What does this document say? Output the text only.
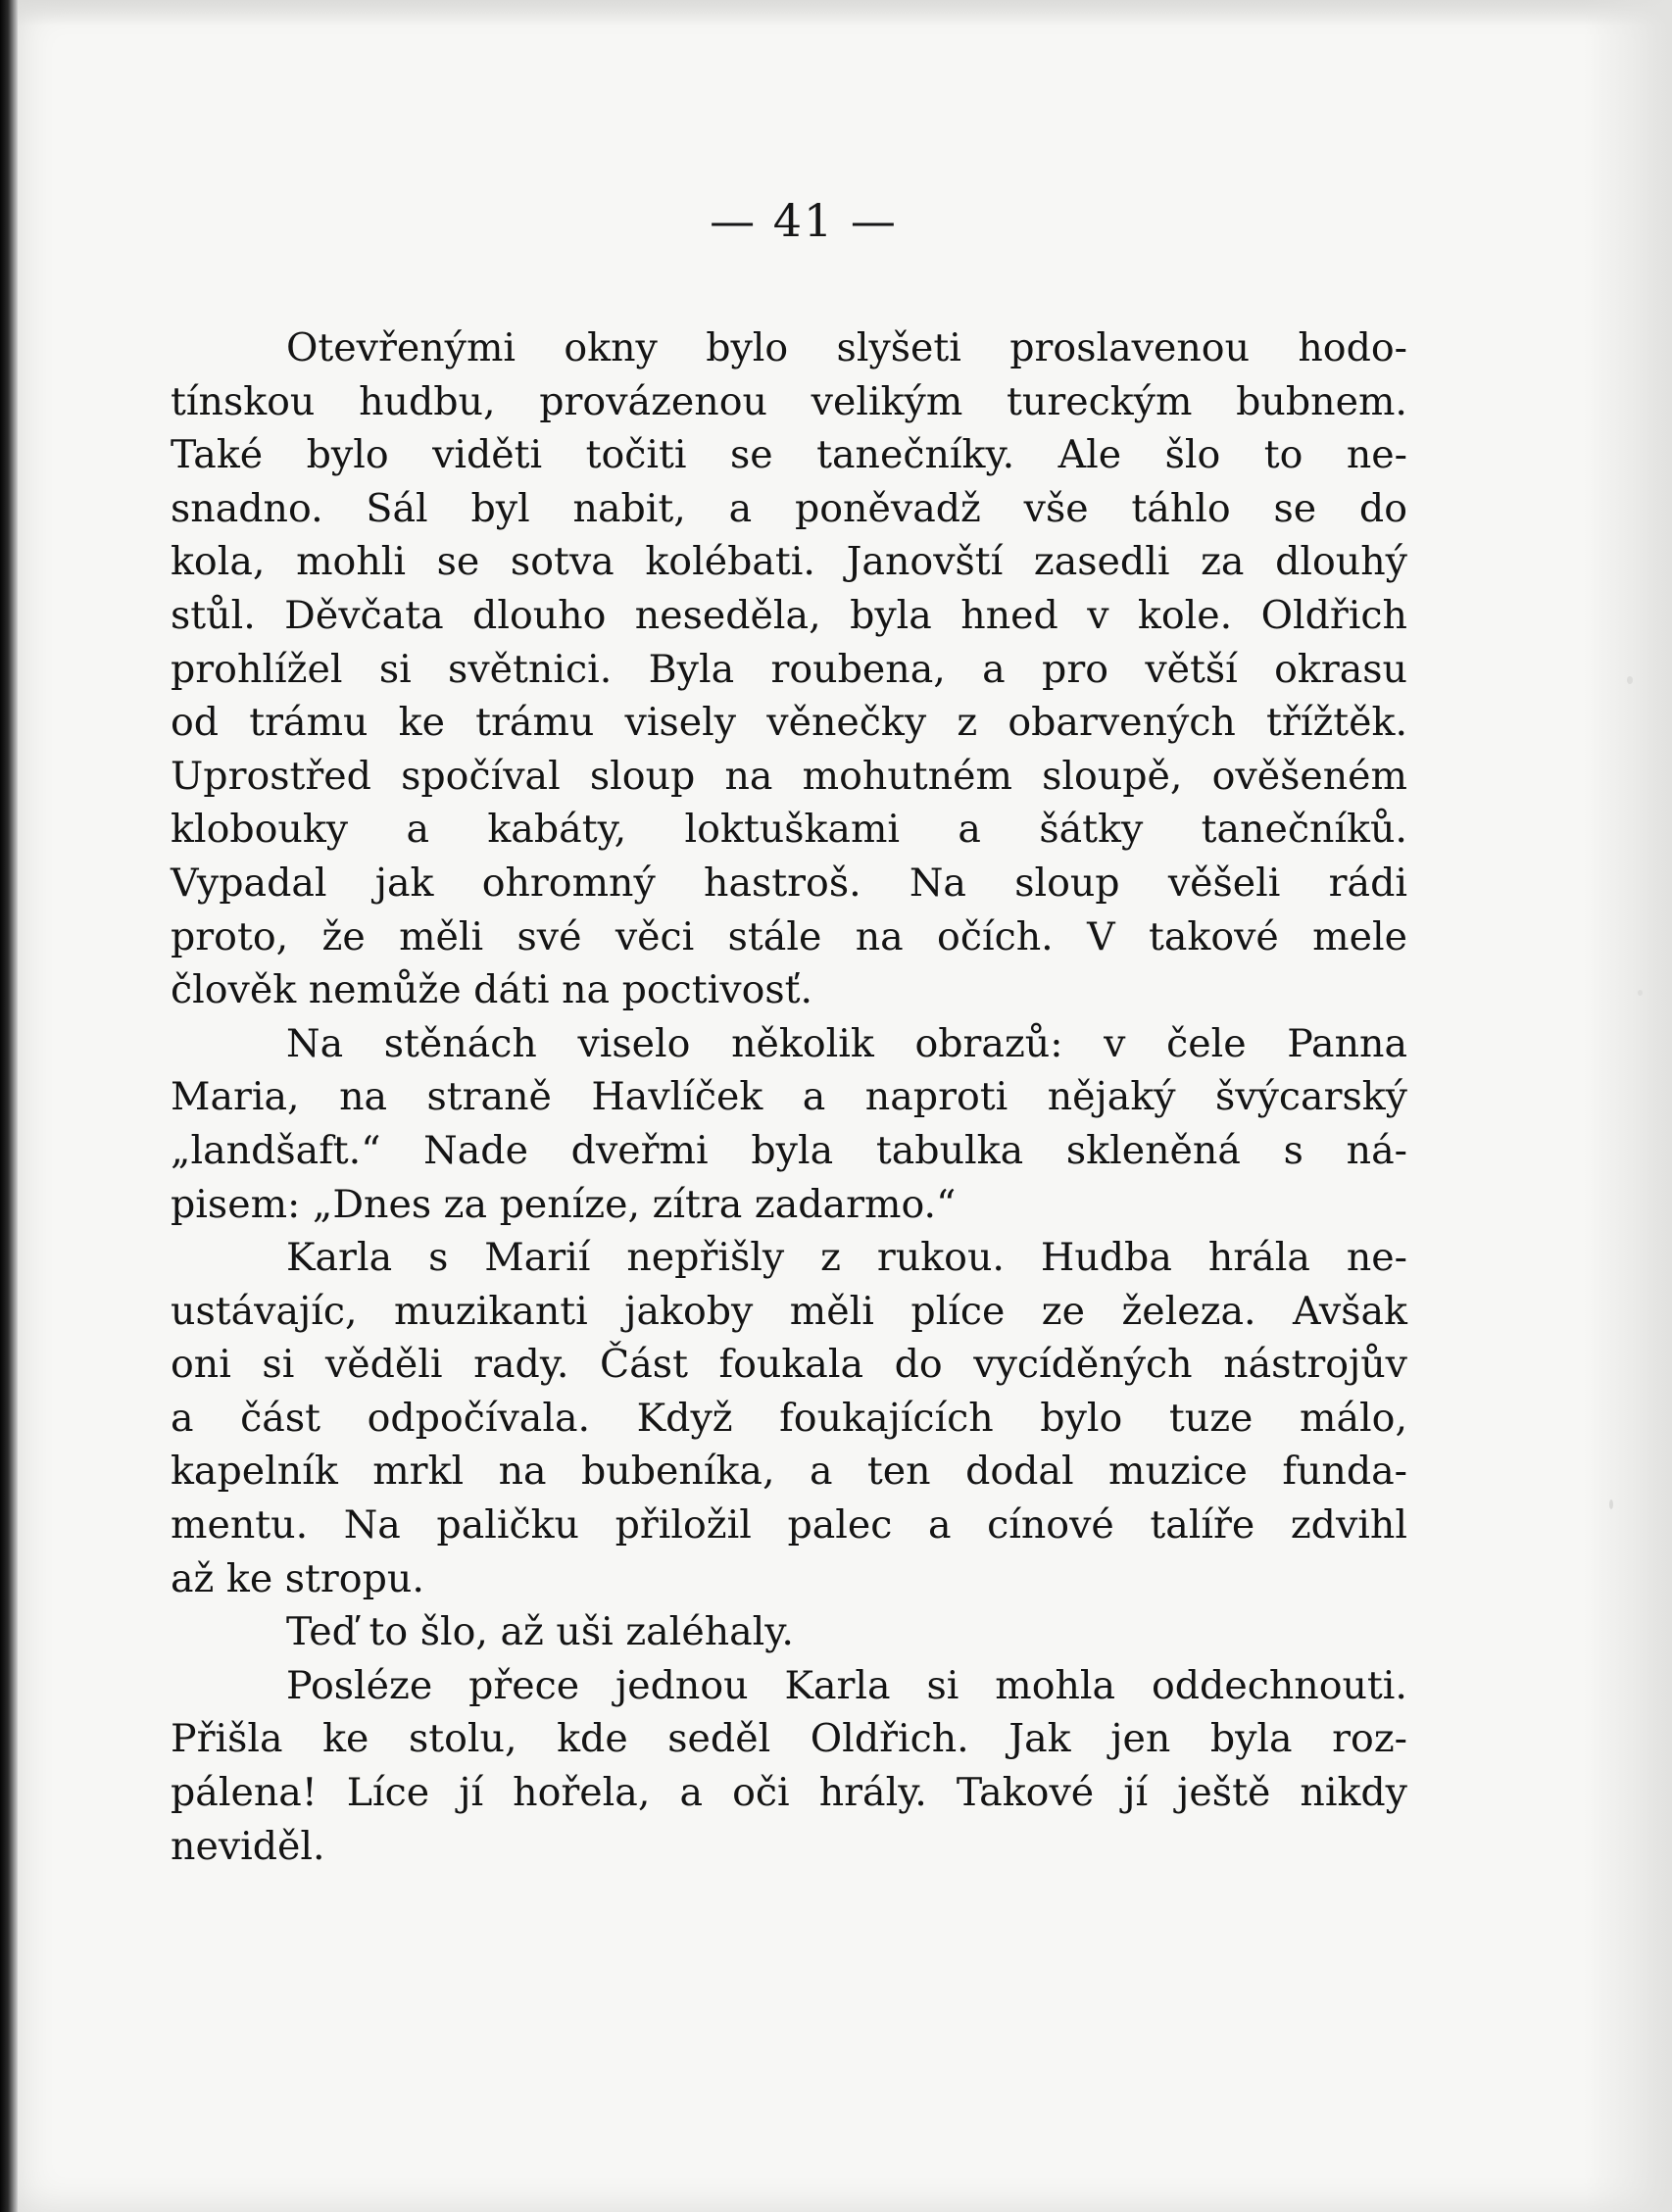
— 41 —
Otevřenými okny bylo slyšeti proslavenou hodo-
tínskou hudbu, provázenou velikým tureckým bubnem.
Také bylo viděti točiti se tanečníky. Ale šlo to ne-
snadno. Sál byl nabit, a poněvadž vše táhlo se do
kola, mohli se sotva kolébati. Janovští zasedli za dlouhý
stůl. Děvčata dlouho neseděla, byla hned v kole. Oldřich
prohlížel si světnici. Byla roubena, a pro větší okrasu
od trámu ke trámu visely věnečky z obarvených třížtěk.
Uprostřed spočíval sloup na mohutném sloupě, ověšeném
klobouky a kabáty, loktuškami a šátky tanečníků.
Vypadal jak ohromný hastroš. Na sloup věšeli rádi
proto, že měli své věci stále na očích. V takové mele
člověk nemůže dáti na poctivosť.
Na stěnách viselo několik obrazů: v čele Panna
Maria, na straně Havlíček a naproti nějaký švýcarský
„landšaft.“ Nade dveřmi byla tabulka skleněná s ná-
pisem: „Dnes za peníze, zítra zadarmo.“
Karla s Marií nepřišly z rukou. Hudba hrála ne-
ustávajíc, muzikanti jakoby měli plíce ze železa. Avšak
oni si věděli rady. Část foukala do vycíděných nástrojův
a část odpočívala. Když foukajících bylo tuze málo,
kapelník mrkl na bubeníka, a ten dodal muzice funda-
mentu. Na paličku přiložil palec a cínové talíře zdvihl
až ke stropu.
Teď to šlo, až uši zaléhaly.
Posléze přece jednou Karla si mohla oddechnouti.
Přišla ke stolu, kde seděl Oldřich. Jak jen byla roz-
pálena! Líce jí hořela, a oči hrály. Takové jí ještě nikdy
neviděl.
